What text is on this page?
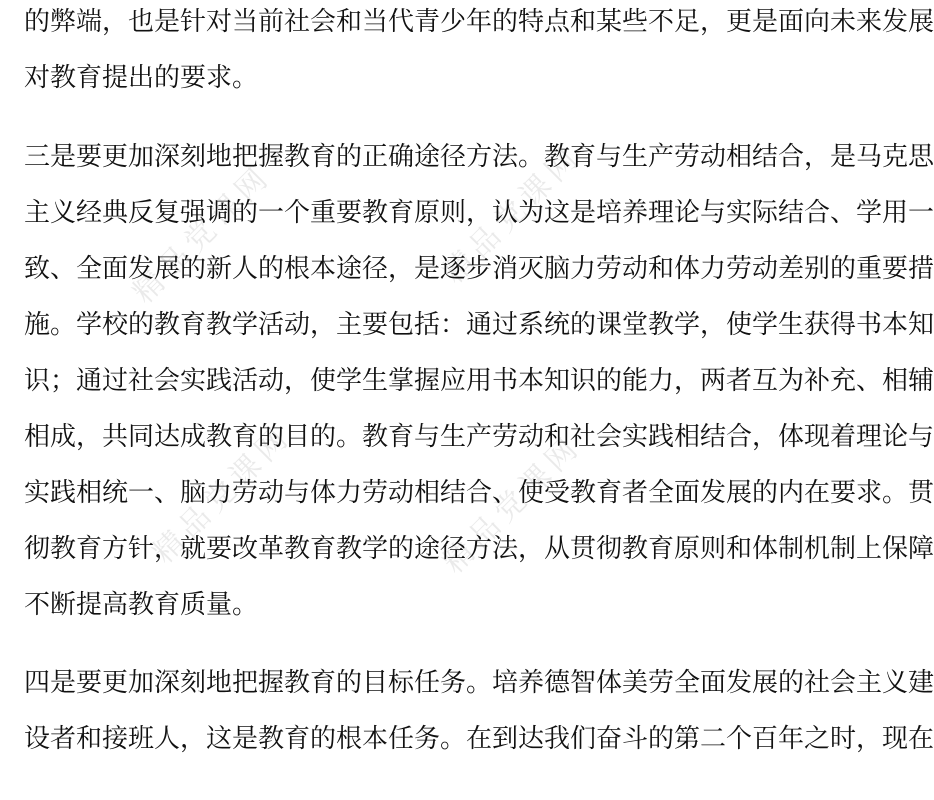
精品党课网	精品党课网
精品党课网	精品党课网
的弊端，也是针对当前社会和当代青少年的特点和某些不足，更是面向未来发展
对教育提出的要求。
三是要更加深刻地把握教育的正确途径方法。教育与生产劳动相结合，是马克思
主义经典反复强调的一个重要教育原则，认为这是培养理论与实际结合、学用一
致、全面发展的新人的根本途径，是逐步消灭脑力劳动和体力劳动差别的重要措
施。学校的教育教学活动，主要包括：通过系统的课堂教学，使学生获得书本知
识；通过社会实践活动，使学生掌握应用书本知识的能力，两者互为补充、相辅
相成，共同达成教育的目的。教育与生产劳动和社会实践相结合，体现着理论与
实践相统一、脑力劳动与体力劳动相结合、使受教育者全面发展的内在要求。贯
彻教育方针，就要改革教育教学的途径方法，从贯彻教育原则和体制机制上保障
不断提高教育质量。
四是要更加深刻地把握教育的目标任务。培养德智体美劳全面发展的社会主义建
设者和接班人，这是教育的根本任务。在到达我们奋斗的第二个百年之时，现在
